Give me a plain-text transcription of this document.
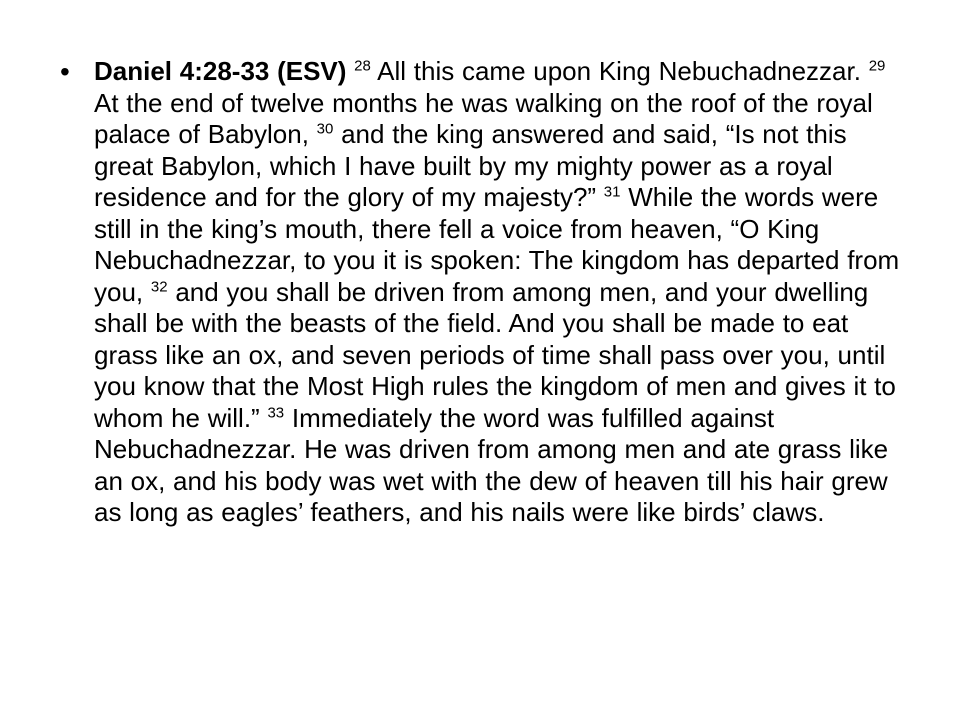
• Daniel 4:28-33 (ESV) $^{28}$ All this came upon King Nebuchadnezzar. $^{29}$ At the end of twelve months he was walking on the roof of the royal palace of Babylon, $^{30}$ and the king answered and said, “Is not this great Babylon, which I have built by my mighty power as a royal residence and for the glory of my majesty?” $^{31}$ While the words were still in the king’s mouth, there fell a voice from heaven, “O King Nebuchadnezzar, to you it is spoken: The kingdom has departed from you, $^{32}$ and you shall be driven from among men, and your dwelling shall be with the beasts of the field. And you shall be made to eat grass like an ox, and seven periods of time shall pass over you, until you know that the Most High rules the kingdom of men and gives it to whom he will.” $^{33}$ Immediately the word was fulfilled against Nebuchadnezzar. He was driven from among men and ate grass like an ox, and his body was wet with the dew of heaven till his hair grew as long as eagles’ feathers, and his nails were like birds’ claws.
